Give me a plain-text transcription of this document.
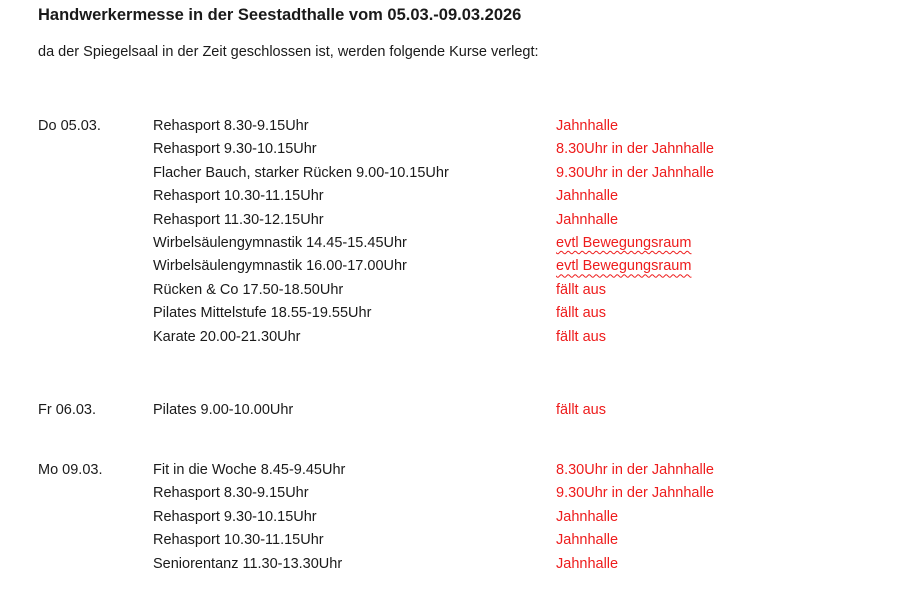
Handwerkermesse in der Seestadthalle vom 05.03.-09.03.2026

da der Spiegelsaal in der Zeit geschlossen ist, werden folgende Kurse verlegt:

Do 05.03.	Rehasport 8.30-9.15Uhr	Jahnhalle
Rehasport 9.30-10.15Uhr	8.30Uhr in der Jahnhalle
Flacher Bauch, starker Rücken 9.00-10.15Uhr	9.30Uhr in der Jahnhalle
Rehasport 10.30-11.15Uhr	Jahnhalle
Rehasport 11.30-12.15Uhr	Jahnhalle
Wirbelsäulengymnastik 14.45-15.45Uhr	evtl Bewegungsraum
Wirbelsäulengymnastik 16.00-17.00Uhr	evtl Bewegungsraum
Rücken & Co 17.50-18.50Uhr	fällt aus
Pilates Mittelstufe 18.55-19.55Uhr	fällt aus
Karate 20.00-21.30Uhr	fällt aus
Fr 06.03.	Pilates 9.00-10.00Uhr	fällt aus
Mo 09.03.	Fit in die Woche 8.45-9.45Uhr	8.30Uhr in der Jahnhalle
Rehasport 8.30-9.15Uhr	9.30Uhr in der Jahnhalle
Rehasport 9.30-10.15Uhr	Jahnhalle
Rehasport 10.30-11.15Uhr	Jahnhalle
Seniorentanz 11.30-13.30Uhr	Jahnhalle
